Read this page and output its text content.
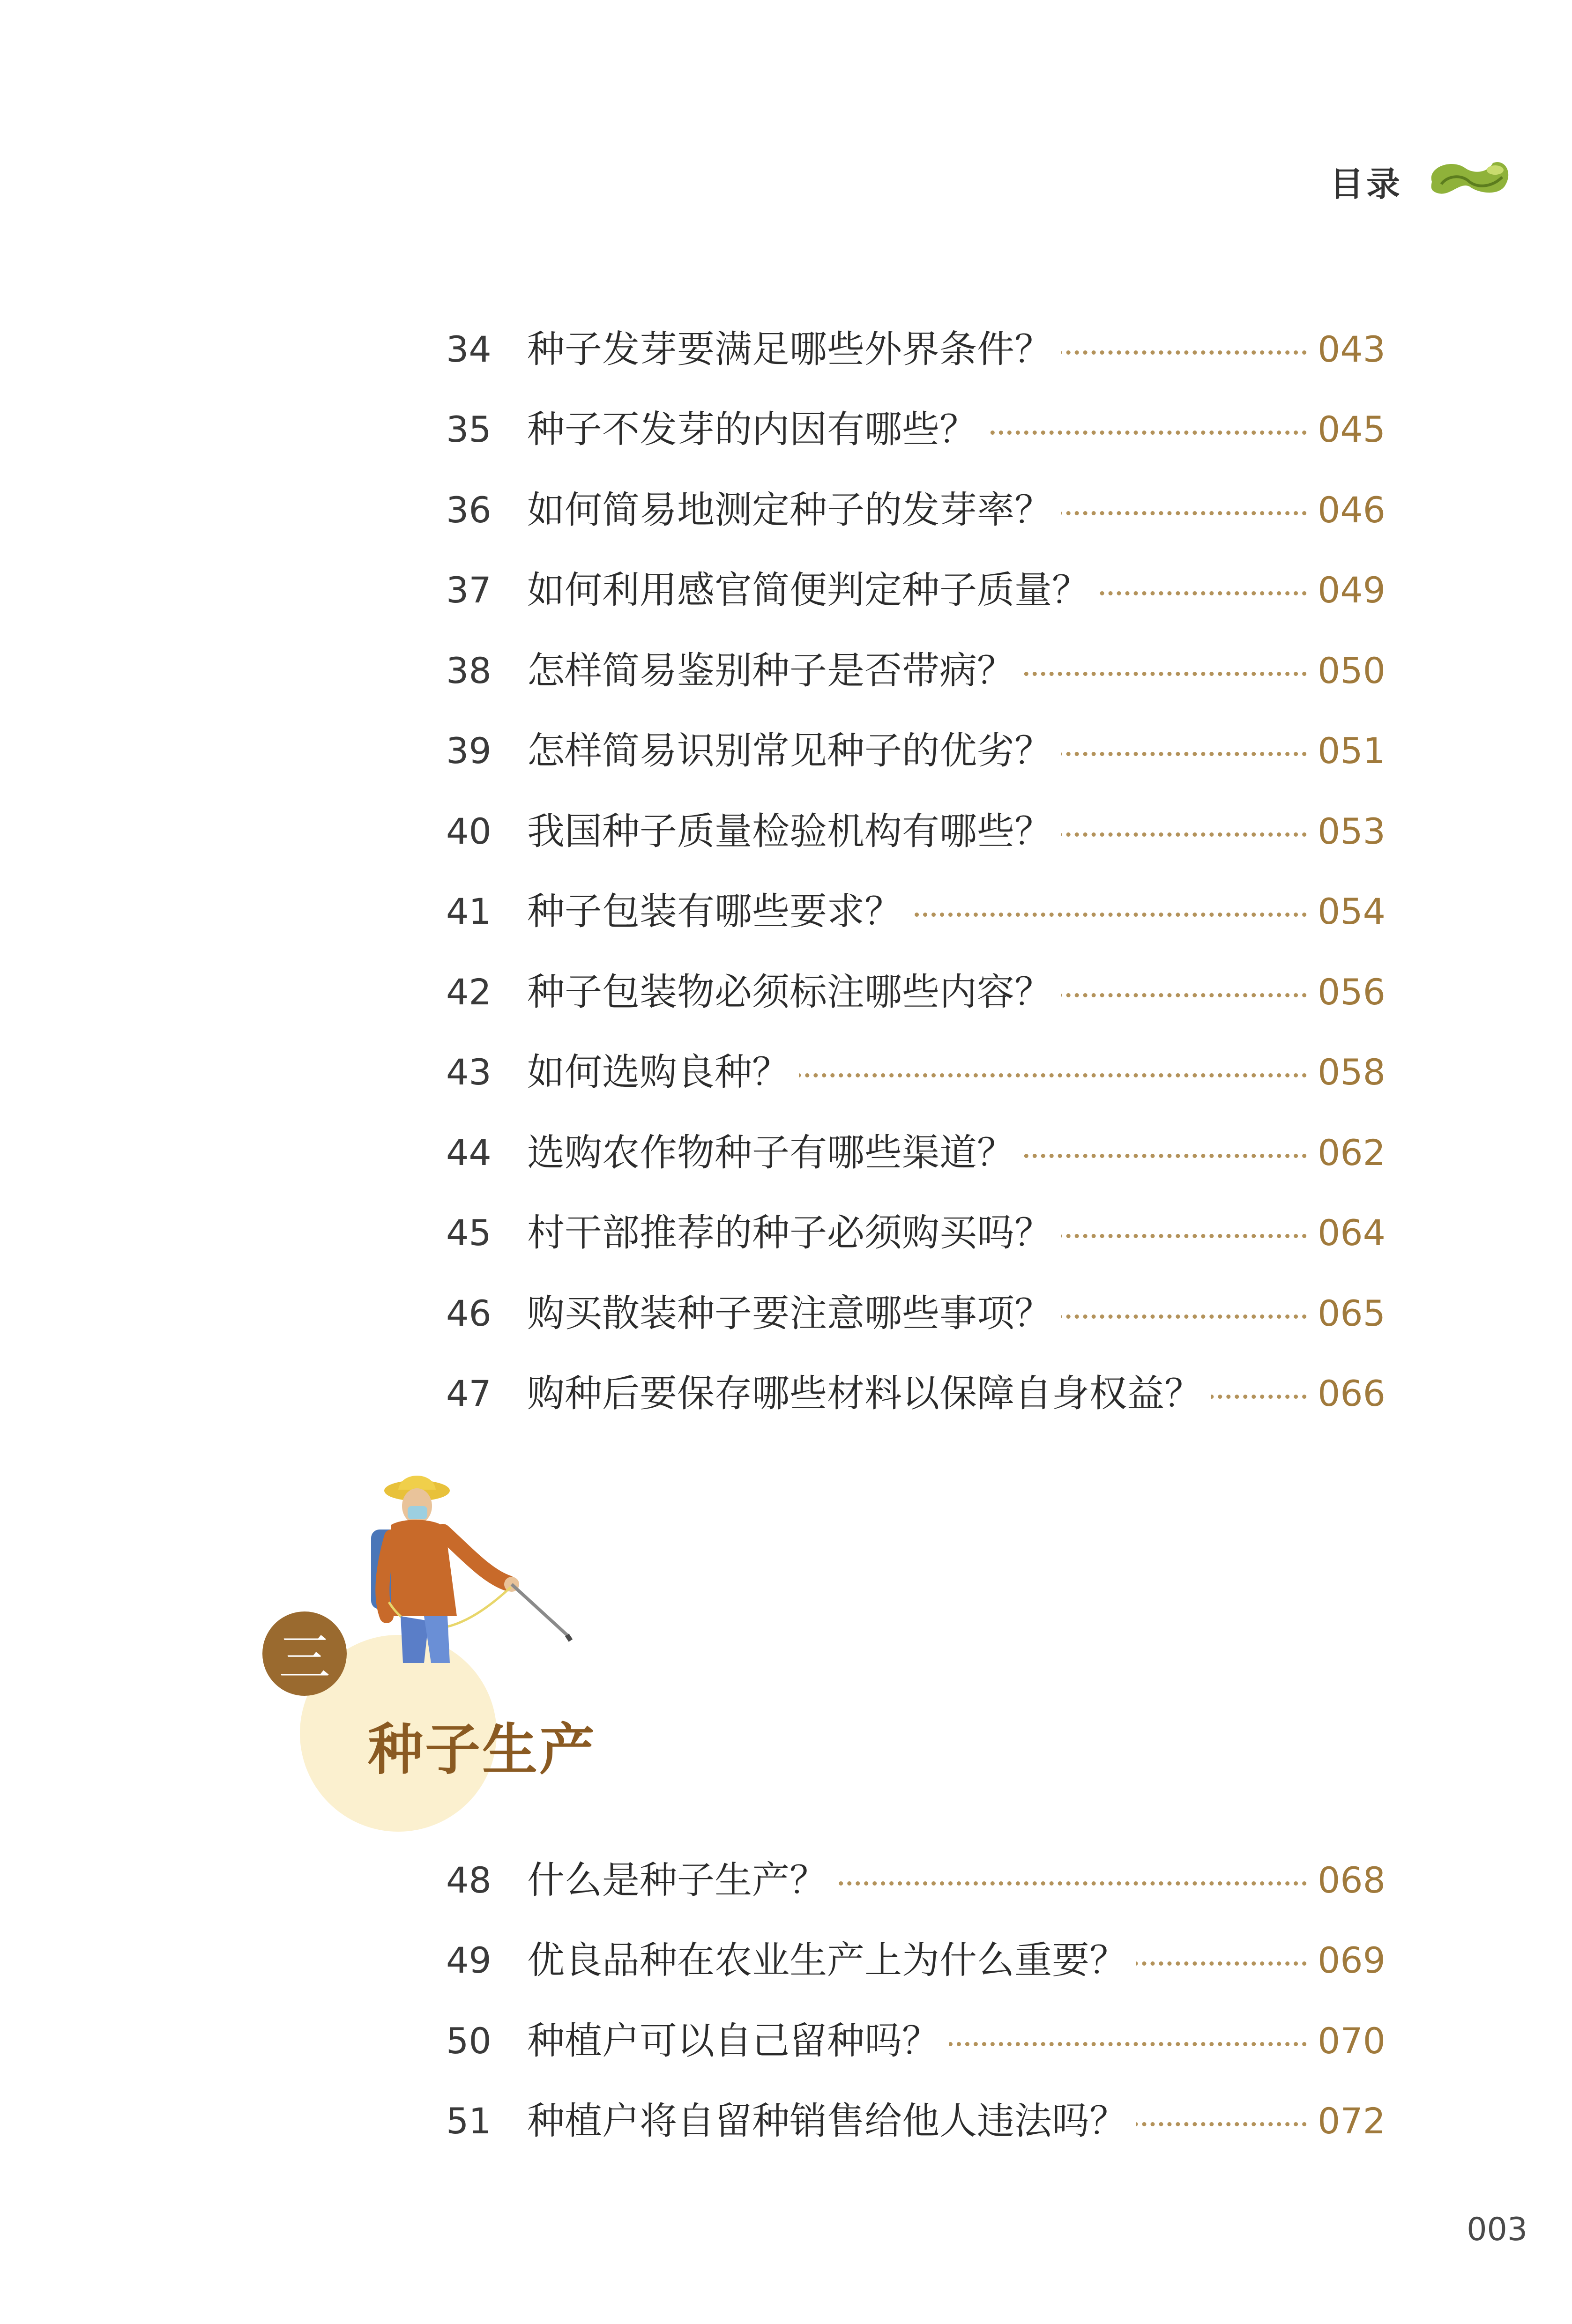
目录
34 种子发芽要满足哪些外界条件？	043
35 种子不发芽的内因有哪些？	045
36 如何简易地测定种子的发芽率？	046
37 如何利用感官简便判定种子质量？	049
38 怎样简易鉴别种子是否带病？	050
39 怎样简易识别常见种子的优劣？	051
40 我国种子质量检验机构有哪些？	053
41 种子包装有哪些要求？	054
42 种子包装物必须标注哪些内容？	056
43 如何选购良种？	058
44 选购农作物种子有哪些渠道？	062
45 村干部推荐的种子必须购买吗？	064
46 购买散装种子要注意哪些事项？	065
47 购种后要保存哪些材料以保障自身权益？	066
三
种子生产
48 什么是种子生产？	068
49 优良品种在农业生产上为什么重要？	069
50 种植户可以自己留种吗？	070
51 种植户将自留种销售给他人违法吗？	072
003
